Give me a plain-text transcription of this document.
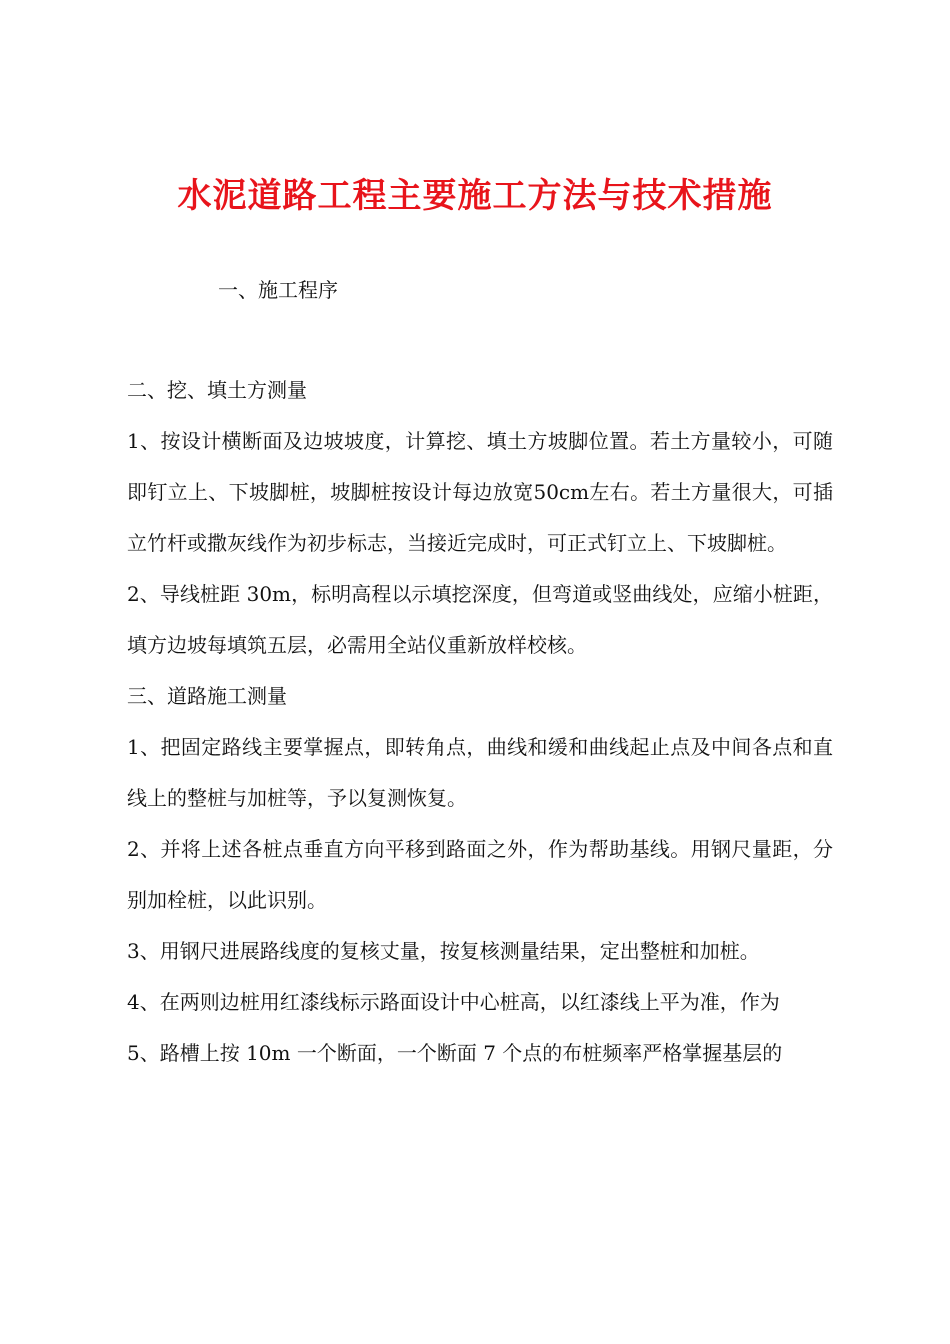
水泥道路工程主要施工方法与技术措施

一、施工程序

二、挖、填土方测量

1、按设计横断面及边坡坡度，计算挖、填土方坡脚位置。若土方量较小，可随即钉立上、下坡脚桩，坡脚桩按设计每边放宽50cm左右。若土方量很大，可插立竹杆或撒灰线作为初步标志，当接近完成时，可正式钉立上、下坡脚桩。

2、导线桩距 30m，标明高程以示填挖深度，但弯道或竖曲线处，应缩小桩距，填方边坡每填筑五层，必需用全站仪重新放样校核。

三、道路施工测量

1、把固定路线主要掌握点，即转角点，曲线和缓和曲线起止点及中间各点和直线上的整桩与加桩等，予以复测恢复。

2、并将上述各桩点垂直方向平移到路面之外，作为帮助基线。用钢尺量距，分别加栓桩，以此识别。

3、用钢尺进展路线度的复核丈量，按复核测量结果，定出整桩和加桩。

4、在两则边桩用红漆线标示路面设计中心桩高，以红漆线上平为准，作为

5、路槽上按 10m 一个断面，一个断面 7 个点的布桩频率严格掌握基层的
